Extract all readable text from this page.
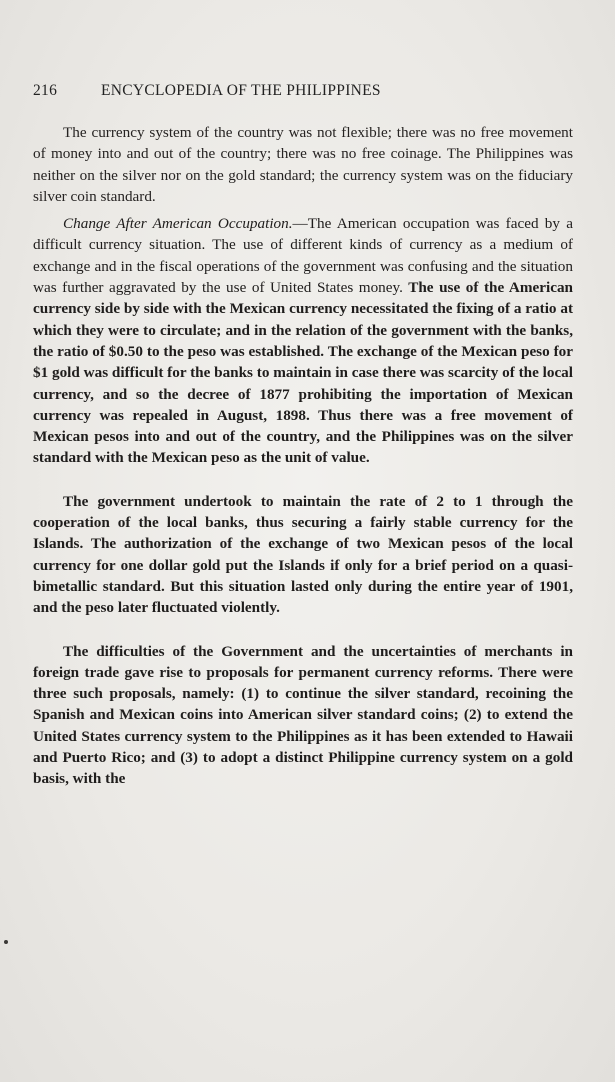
216	ENCYCLOPEDIA OF THE PHILIPPINES

The currency system of the country was not flexible; there was no free movement of money into and out of the country; there was no free coinage. The Philippines was neither on the silver nor on the gold standard; the currency system was on the fiduciary silver coin standard.

Change After American Occupation.—The American occupation was faced by a difficult currency situation. The use of different kinds of currency as a medium of exchange and in the fiscal operations of the government was confusing and the situation was further aggravated by the use of United States money. The use of the American currency side by side with the Mexican currency necessitated the fixing of a ratio at which they were to circulate; and in the relation of the government with the banks, the ratio of $0.50 to the peso was established. The exchange of the Mexican peso for $1 gold was difficult for the banks to maintain in case there was scarcity of the local currency, and so the decree of 1877 prohibiting the importation of Mexican currency was repealed in August, 1898. Thus there was a free movement of Mexican pesos into and out of the country, and the Philippines was on the silver standard with the Mexican peso as the unit of value.

The government undertook to maintain the rate of 2 to 1 through the cooperation of the local banks, thus securing a fairly stable currency for the Islands. The authorization of the exchange of two Mexican pesos of the local currency for one dollar gold put the Islands if only for a brief period on a quasi-bimetallic standard. But this situation lasted only during the entire year of 1901, and the peso later fluctuated violently.

The difficulties of the Government and the uncertainties of merchants in foreign trade gave rise to proposals for permanent currency reforms. There were three such proposals, namely: (1) to continue the silver standard, recoining the Spanish and Mexican coins into American silver standard coins; (2) to extend the United States currency system to the Philippines as it has been extended to Hawaii and Puerto Rico; and (3) to adopt a distinct Philippine currency system on a gold basis, with the
